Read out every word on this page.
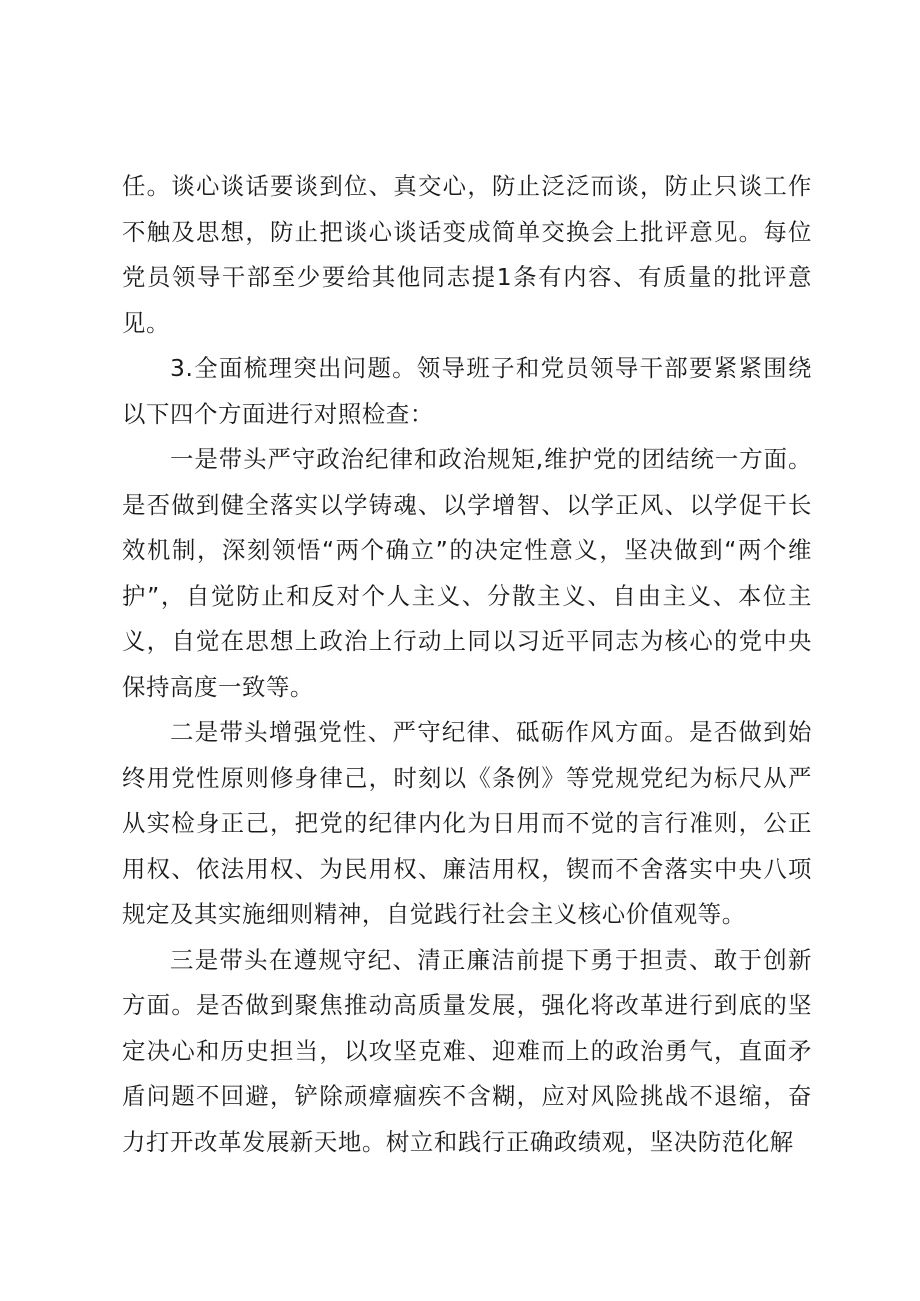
任。谈心谈话要谈到位、真交心，防止泛泛而谈，防止只谈工作不触及思想，防止把谈心谈话变成简单交换会上批评意见。每位党员领导干部至少要给其他同志提1条有内容、有质量的批评意见。

3.全面梳理突出问题。领导班子和党员领导干部要紧紧围绕以下四个方面进行对照检查：

一是带头严守政治纪律和政治规矩,维护党的团结统一方面。是否做到健全落实以学铸魂、以学增智、以学正风、以学促干长效机制，深刻领悟“两个确立”的决定性意义，坚决做到“两个维护”，自觉防止和反对个人主义、分散主义、自由主义、本位主义，自觉在思想上政治上行动上同以习近平同志为核心的党中央保持高度一致等。

二是带头增强党性、严守纪律、砥砺作风方面。是否做到始终用党性原则修身律己，时刻以《条例》等党规党纪为标尺从严从实检身正己，把党的纪律内化为日用而不觉的言行准则，公正用权、依法用权、为民用权、廉洁用权，锲而不舍落实中央八项规定及其实施细则精神，自觉践行社会主义核心价值观等。

三是带头在遵规守纪、清正廉洁前提下勇于担责、敢于创新方面。是否做到聚焦推动高质量发展，强化将改革进行到底的坚定决心和历史担当，以攻坚克难、迎难而上的政治勇气，直面矛盾问题不回避，铲除顽瘴痼疾不含糊，应对风险挑战不退缩，奋力打开改革发展新天地。树立和践行正确政绩观，坚决防范化解
